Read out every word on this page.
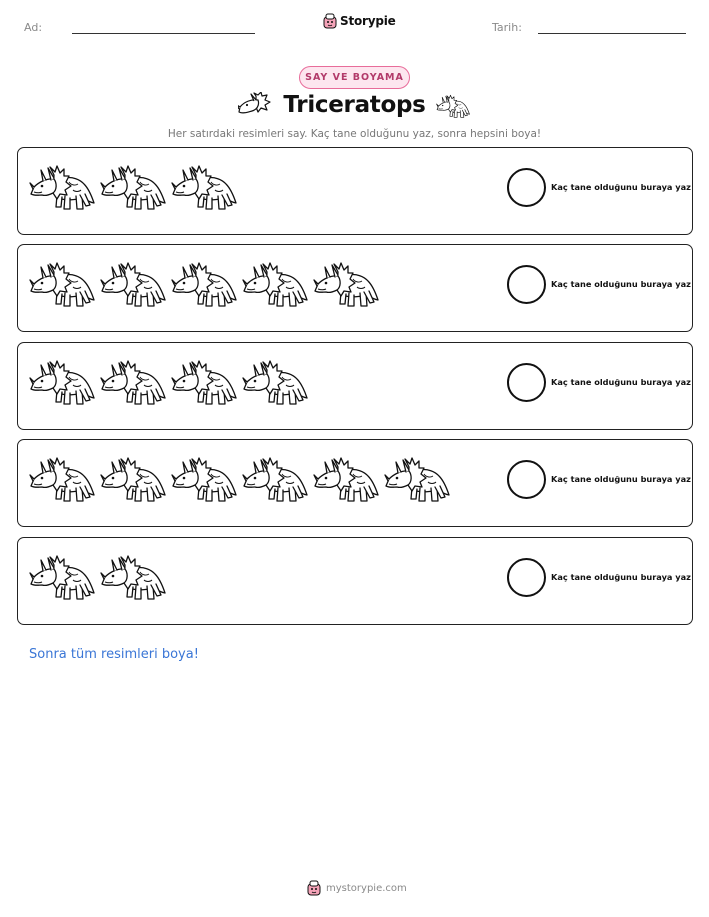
Ad:	Storypie	Tarih:
SAY VE BOYAMA
Triceratops
Her satırdaki resimleri say. Kaç tane olduğunu yaz, sonra hepsini boya!
Kaç tane olduğunu buraya yaz
Kaç tane olduğunu buraya yaz
Kaç tane olduğunu buraya yaz
Kaç tane olduğunu buraya yaz
Kaç tane olduğunu buraya yaz
Sonra tüm resimleri boya!
mystorypie.com
